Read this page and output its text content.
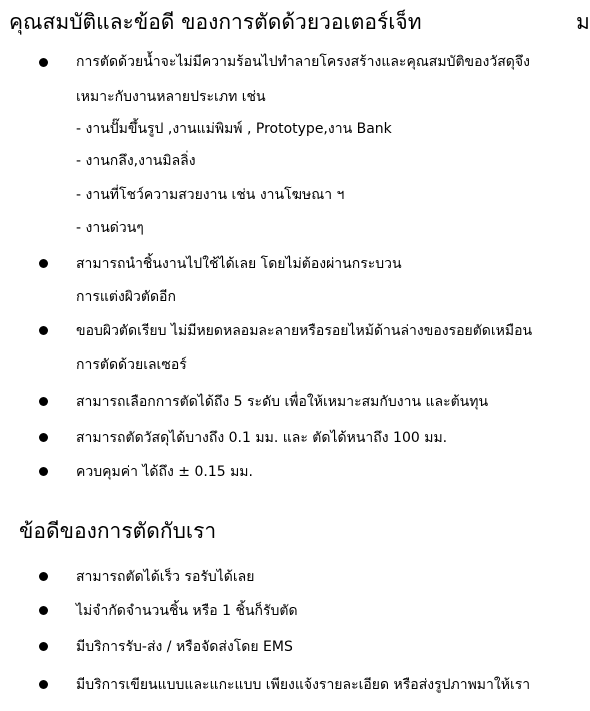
คุณสมบัติและข้อดี ของการตัดด้วยวอเตอร์เจ็ท	ม
การตัดด้วยน้ำจะไม่มีความร้อนไปทำลายโครงสร้างและคุณสมบัติของวัสดุจึง
เหมาะกับงานหลายประเภท เช่น
- งานปั๊มขึ้นรูป ,งานแม่พิมพ์ , Prototype,งาน Bank
- งานกลึง,งานมิลลิ่ง
- งานที่โชว์ความสวยงาน เช่น งานโฆษณา ฯ
- งานด่วนๆ
สามารถนำชิ้นงานไปใช้ได้เลย โดยไม่ต้องผ่านกระบวน
การแต่งผิวตัดอีก
ขอบผิวตัดเรียบ ไม่มีหยดหลอมละลายหรือรอยไหม้ด้านล่างของรอยตัดเหมือน
การตัดด้วยเลเซอร์
สามารถเลือกการตัดได้ถึง 5 ระดับ เพื่อให้เหมาะสมกับงาน และต้นทุน
สามารถตัดวัสดุได้บางถึง 0.1 มม. และ ตัดได้หนาถึง 100 มม.
ควบคุมค่า ได้ถึง ± 0.15 มม.
ข้อดีของการตัดกับเรา
สามารถตัดได้เร็ว รอรับได้เลย
ไม่จำกัดจำนวนชิ้น หรือ 1 ชิ้นก็รับตัด
มีบริการรับ-ส่ง / หรือจัดส่งโดย EMS
มีบริการเขียนแบบและแกะแบบ เพียงแจ้งรายละเอียด หรือส่งรูปภาพมาให้เรา
